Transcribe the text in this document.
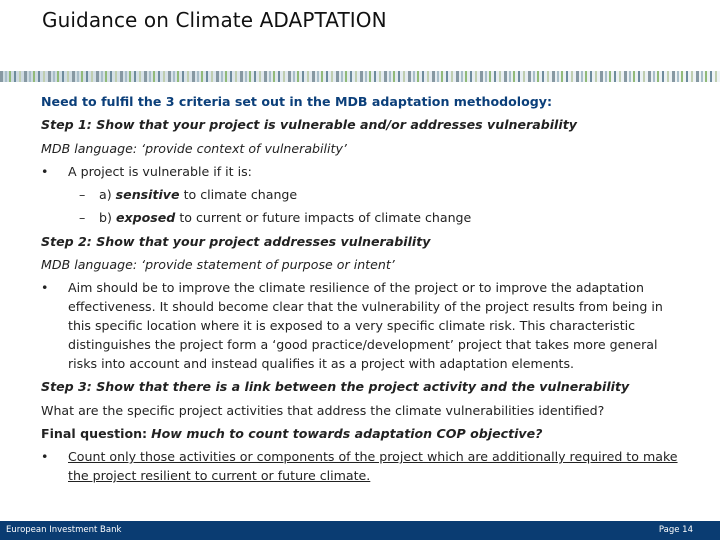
Guidance on Climate ADAPTATION

Need to fulfil the 3 criteria set out in the MDB adaptation methodology:

Step 1: Show that your project is vulnerable and/or addresses vulnerability

MDB language: ‘provide context of vulnerability’

• A project is vulnerable if it is:

– a) sensitive to climate change

– b) exposed to current or future impacts of climate change

Step 2: Show that your project addresses vulnerability

MDB language: ‘provide statement of purpose or intent’

• Aim should be to improve the climate resilience of the project or to improve the adaptation effectiveness. It should become clear that the vulnerability of the project results from being in this specific location where it is exposed to a very specific climate risk. This characteristic distinguishes the project form a ‘good practice/development’ project that takes more general risks into account and instead qualifies it as a project with adaptation elements.

Step 3: Show that there is a link between the project activity and the vulnerability

What are the specific project activities that address the climate vulnerabilities identified?

Final question: How much to count towards adaptation COP objective?

• Count only those activities or components of the project which are additionally required to make the project resilient to current or future climate.

European Investment Bank	Page 14
